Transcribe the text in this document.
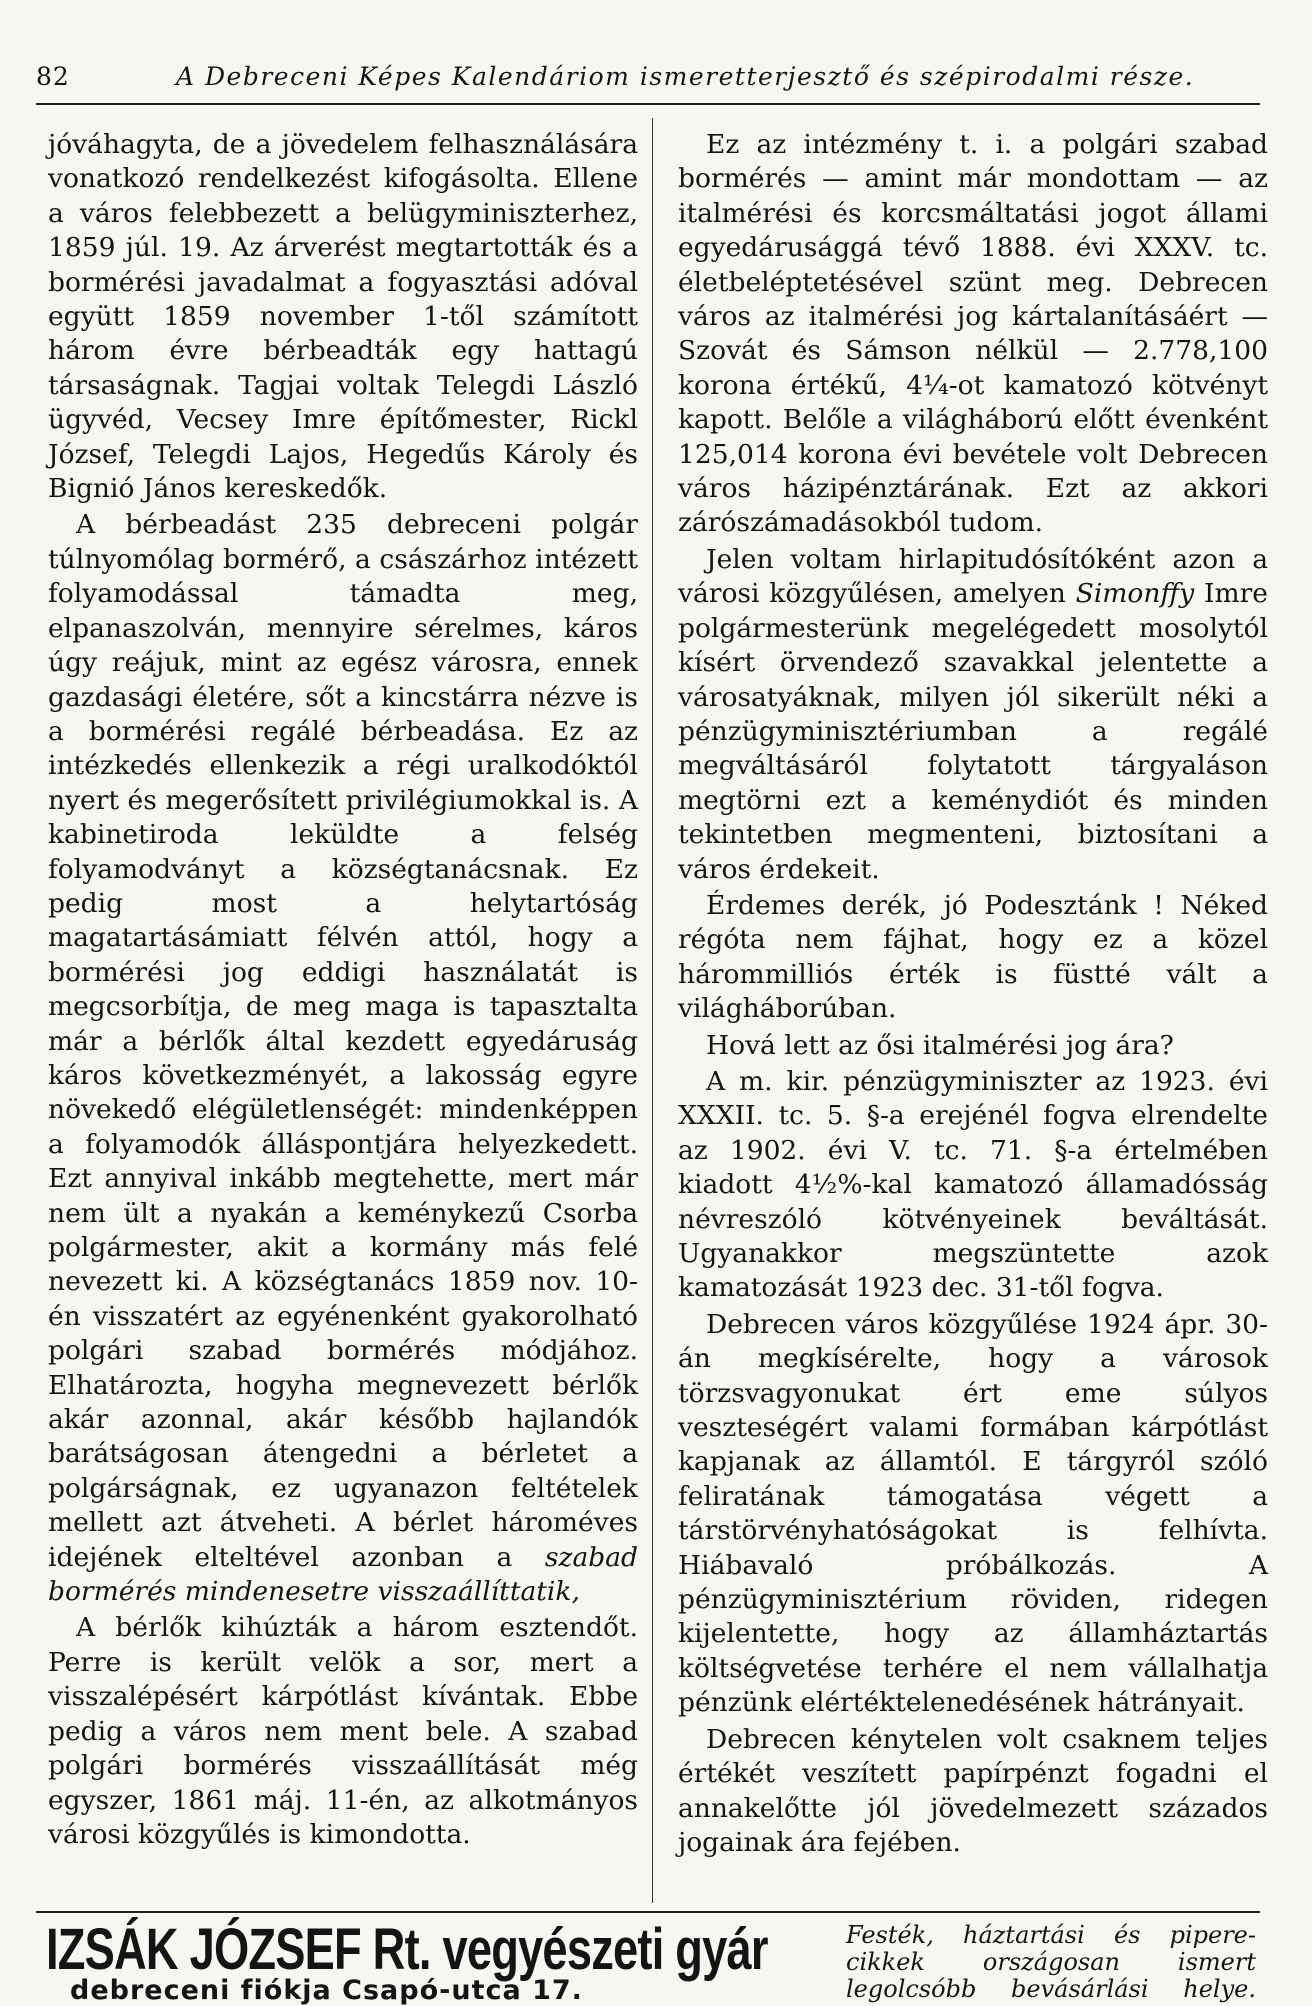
82	A Debreceni Képes Kalendáriom ismeretterjesztő és szépirodalmi része.

jóváhagyta, de a jövedelem felhasználására vonatkozó rendelkezést kifogásolta. Ellene a város felebbezett a belügyminiszterhez, 1859 júl. 19. Az árverést megtartották és a bormérési javadalmat a fogyasztási adóval együtt 1859 november 1-től számított három évre bérbeadták egy hattagú társaságnak. Tagjai voltak Telegdi László ügyvéd, Vecsey Imre építőmester, Rickl József, Telegdi Lajos, Hegedűs Károly és Bignió János kereskedők.

A bérbeadást 235 debreceni polgár túlnyomólag bormérő, a császárhoz intézett folyamodással támadta meg, elpanaszolván, mennyire sérelmes, káros úgy reájuk, mint az egész városra, ennek gazdasági életére, sőt a kincstárra nézve is a bormérési regálé bérbeadása. Ez az intézkedés ellenkezik a régi uralkodóktól nyert és megerősített privilégiumokkal is. A kabinetiroda leküldte a felség folyamodványt a községtanácsnak. Ez pedig most a helytartóság magatartásámiatt félvén attól, hogy a bormérési jog eddigi használatát is megcsorbítja, de meg maga is tapasztalta már a bérlők által kezdett egyedáruság káros következményét, a lakosság egyre növekedő elégületlenségét: mindenképpen a folyamodók álláspontjára helyezkedett. Ezt annyival inkább megtehette, mert már nem ült a nyakán a keménykezű Csorba polgármester, akit a kormány más felé nevezett ki. A községtanács 1859 nov. 10-én visszatért az egyénenként gyakorolható polgári szabad bormérés módjához. Elhatározta, hogyha megnevezett bérlők akár azonnal, akár később hajlandók barátságosan átengedni a bérletet a polgárságnak, ez ugyanazon feltételek mellett azt átveheti. A bérlet hároméves idejének elteltével azonban a szabad bormérés mindenesetre visszaállíttatik,

A bérlők kihúzták a három esztendőt. Perre is került velök a sor, mert a visszalépésért kárpótlást kívántak. Ebbe pedig a város nem ment bele. A szabad polgári bormérés visszaállítását még egyszer, 1861 máj. 11-én, az alkotmányos városi közgyűlés is kimondotta.

Ez az intézmény t. i. a polgári szabad bormérés — amint már mondottam — az italmérési és korcsmáltatási jogot állami egyedárusággá tévő 1888. évi XXXV. tc. életbeléptetésével szünt meg. Debrecen város az italmérési jog kártalanításáért — Szovát és Sámson nélkül — 2.778,100 korona értékű, 4¼-ot kamatozó kötvényt kapott. Belőle a világháború előtt évenként 125,014 korona évi bevétele volt Debrecen város házipénztárának. Ezt az akkori zárószámadásokból tudom.

Jelen voltam hirlapitudósítóként azon a városi közgyűlésen, amelyen Simonffy Imre polgármesterünk megelégedett mosolytól kísért örvendező szavakkal jelentette a városatyáknak, milyen jól sikerült néki a pénzügyminisztériumban a regálé megváltásáról folytatott tárgyaláson megtörni ezt a keménydiót és minden tekintetben megmenteni, biztosítani a város érdekeit.

Érdemes derék, jó Podesztánk ! Néked régóta nem fájhat, hogy ez a közel hárommilliós érték is füstté vált a világháborúban.

Hová lett az ősi italmérési jog ára?

A m. kir. pénzügyminiszter az 1923. évi XXXII. tc. 5. §-a erejénél fogva elrendelte az 1902. évi V. tc. 71. §-a értelmében kiadott 4½%-kal kamatozó államadósság névreszóló kötvényeinek beváltását. Ugyanakkor megszüntette azok kamatozását 1923 dec. 31-től fogva.

Debrecen város közgyűlése 1924 ápr. 30-án megkísérelte, hogy a városok törzsvagyonukat ért eme súlyos veszteségért valami formában kárpótlást kapjanak az államtól. E tárgyról szóló feliratának támogatása végett a társtörvényhatóságokat is felhívta. Hiábavaló próbálkozás. A pénzügyminisztérium röviden, ridegen kijelentette, hogy az államháztartás költségvetése terhére el nem vállalhatja pénzünk elértéktelenedésének hátrányait.

Debrecen kénytelen volt csaknem teljes értékét veszített papírpénzt fogadni el annakelőtte jól jövedelmezett százados jogainak ára fejében.

IZSÁK JÓZSEF Rt. vegyészeti gyár
debreceni fiókja Csapó-utca 17.
Festék, háztartási és pipere-cikkek országosan ismert legolcsóbb bevásárlási helye.
